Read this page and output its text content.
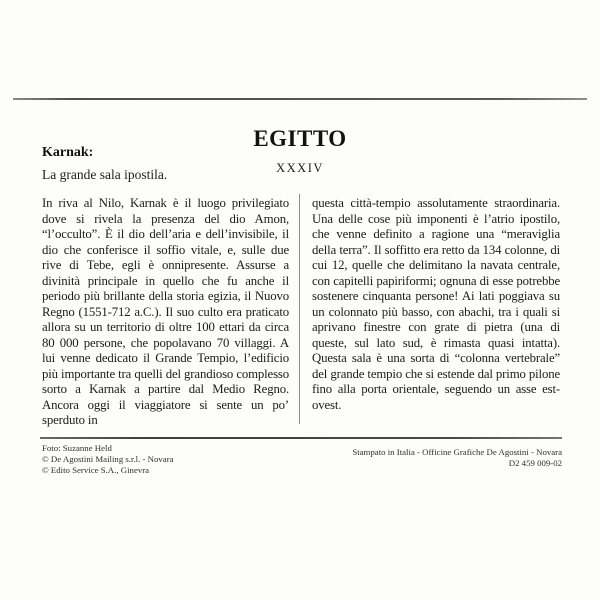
EGITTO
XXXIV
Karnak:
La grande sala ipostila.
In riva al Nilo, Karnak è il luogo privilegiato dove si rivela la presenza del dio Amon, “l’occulto”. È il dio dell’aria e dell’invisibile, il dio che conferisce il soffio vitale, e, sulle due rive di Tebe, egli è onnipresente. Assurse a divinità principale in quello che fu anche il periodo più brillante della storia egizia, il Nuovo Regno (1551-712 a.C.). Il suo culto era praticato allora su un territorio di oltre 100 ettari da circa 80 000 persone, che popolavano 70 villaggi. A lui venne dedicato il Grande Tempio, l’edificio più importante tra quelli del grandioso complesso sorto a Karnak a partire dal Medio Regno. Ancora oggi il viaggiatore si sente un po’ sperduto in
questa città-tempio assolutamente straordinaria. Una delle cose più imponenti è l’atrio ipostilo, che venne definito a ragione una “meraviglia della terra”. Il soffitto era retto da 134 colonne, di cui 12, quelle che delimitano la navata centrale, con capitelli papiriformi; ognuna di esse potrebbe sostenere cinquanta persone! Ai lati poggiava su un colonnato più basso, con abachi, tra i quali si aprivano finestre con grate di pietra (una di queste, sul lato sud, è rimasta quasi intatta). Questa sala è una sorta di “colonna vertebrale” del grande tempio che si estende dal primo pilone fino alla porta orientale, seguendo un asse est-ovest.
Foto: Suzanne Held
© De Agostini Mailing s.r.l. - Novara
© Edito Service S.A., Ginevra
Stampato in Italia - Officine Grafiche De Agostini - Novara
D2 459 009-02
